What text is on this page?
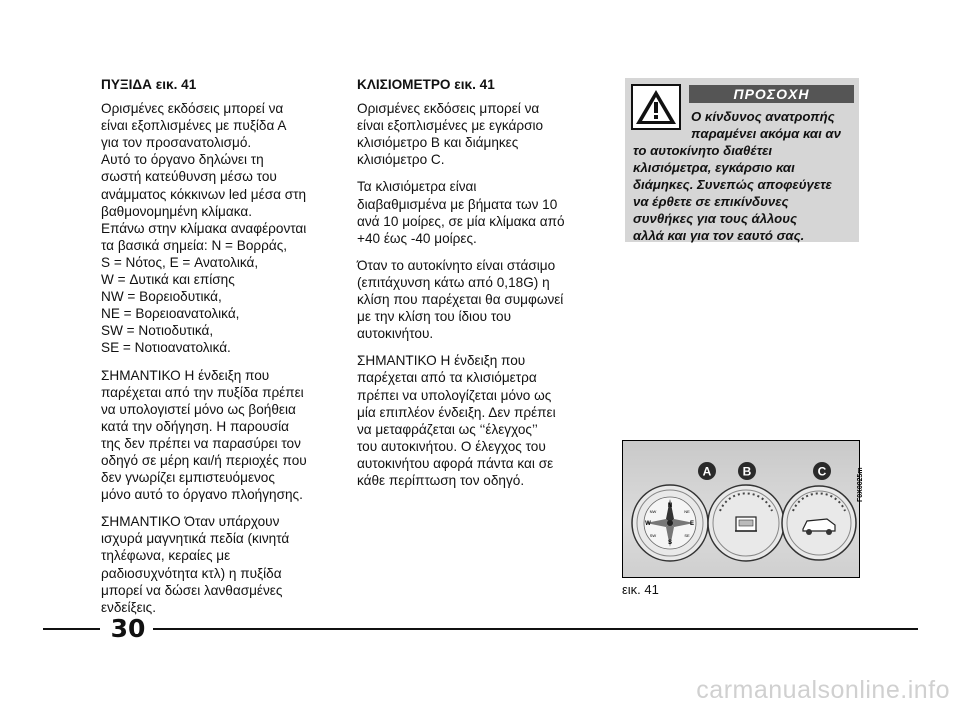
ΠΥΞΙΔΑ εικ. 41

Ορισμένες εκδόσεις μπορεί να
είναι εξοπλισμένες με πυξίδα Α
για τον προσανατολισμό.
Αυτό το όργανο δηλώνει τη
σωστή κατεύθυνση μέσω του
ανάμματος κόκκινων led μέσα στη
βαθμονομημένη κλίμακα.
Επάνω στην κλίμακα αναφέρονται
τα βασικά σημεία: N = Βορράς,
S = Νότος, E = Ανατολικά,
W = Δυτικά και επίσης
NW = Βορειοδυτικά,
NE = Βορειοανατολικά,
SW = Νοτιοδυτικά,
SE = Νοτιοανατολικά.

ΣΗΜΑΝΤΙΚΟ Η ένδειξη που
παρέχεται από την πυξίδα πρέπει
να υπολογιστεί μόνο ως βοήθεια
κατά την οδήγηση. Η παρουσία
της δεν πρέπει να παρασύρει τον
οδηγό σε μέρη και/ή περιοχές που
δεν γνωρίζει εμπιστευόμενος
μόνο αυτό το όργανο πλοήγησης.

ΣΗΜΑΝΤΙΚΟ Όταν υπάρχουν
ισχυρά μαγνητικά πεδία (κινητά
τηλέφωνα, κεραίες με
ραδιοσυχνότητα κτλ) η πυξίδα
μπορεί να δώσει λανθασμένες
ενδείξεις.

ΚΛΙΣΙΟΜΕΤΡΟ εικ. 41

Ορισμένες εκδόσεις μπορεί να
είναι εξοπλισμένες με εγκάρσιο
κλισιόμετρο B και διάμηκες
κλισιόμετρο C.

Τα κλισιόμετρα είναι
διαβαθμισμένα με βήματα των 10
ανά 10 μοίρες, σε μία κλίμακα από
+40 έως -40 μοίρες.

Όταν το αυτοκίνητο είναι στάσιμο
(επιτάχυνση κάτω από 0,18G) η
κλίση που παρέχεται θα συμφωνεί
με την κλίση του ίδιου του
αυτοκινήτου.

ΣΗΜΑΝΤΙΚΟ Η ένδειξη που
παρέχεται από τα κλισιόμετρα
πρέπει να υπολογίζεται μόνο ως
μία επιπλέον ένδειξη. Δεν πρέπει
να μεταφράζεται ως ‘‘έλεγχος’’
του αυτοκινήτου. Ο έλεγχος του
αυτοκινήτου αφορά πάντα και σε
κάθε περίπτωση τον οδηγό.

ΠΡΟΣΟΧΗ
Ο κίνδυνος ανατροπής
παραμένει ακόμα και αν
το αυτοκίνητο διαθέτει
κλισιόμετρα, εγκάρσιο και
διάμηκες. Συνεπώς αποφεύγετε
να έρθετε σε επικίνδυνες
συνθήκες για τους άλλους
αλλά και για τον εαυτό σας.
N
NE
E
SE
S
SW
W
NW
A	B	C	F0X0025m
εικ. 41
30
carmanualsonline.info
